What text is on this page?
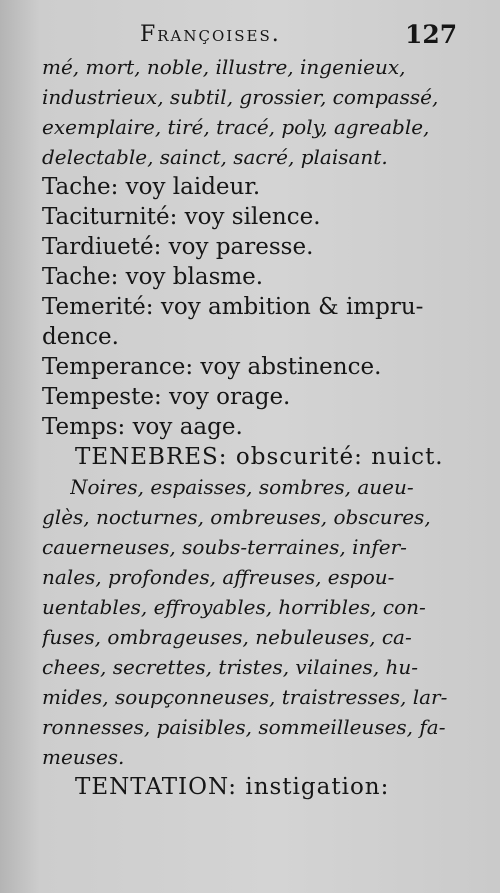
Françoises.	127
mé, mort, noble, illustre, ingenieux,
industrieux, subtil, grossier, compassé,
exemplaire, tiré, tracé, poly, agreable,
delectable, sainct, sacré, plaisant.
Tache: voy laideur.
Taciturnité: voy silence.
Tardiueté: voy paresse.
Tache: voy blasme.
Temerité: voy ambition & impru-
dence.
Temperance: voy abstinence.
Tempeste: voy orage.
Temps: voy aage.
TENEBRES: obscurité: nuict.
Noires, espaisses, sombres, aueu-
glès, nocturnes, ombreuses, obscures,
cauerneuses, soubs-terraines, infer-
nales, profondes, affreuses, espou-
uentables, effroyables, horribles, con-
fuses, ombrageuses, nebuleuses, ca-
chees, secrettes, tristes, vilaines, hu-
mides, soupçonneuses, traistresses, lar-
ronnesses, paisibles, sommeilleuses, fa-
meuses.
TENTATION: instigation:
